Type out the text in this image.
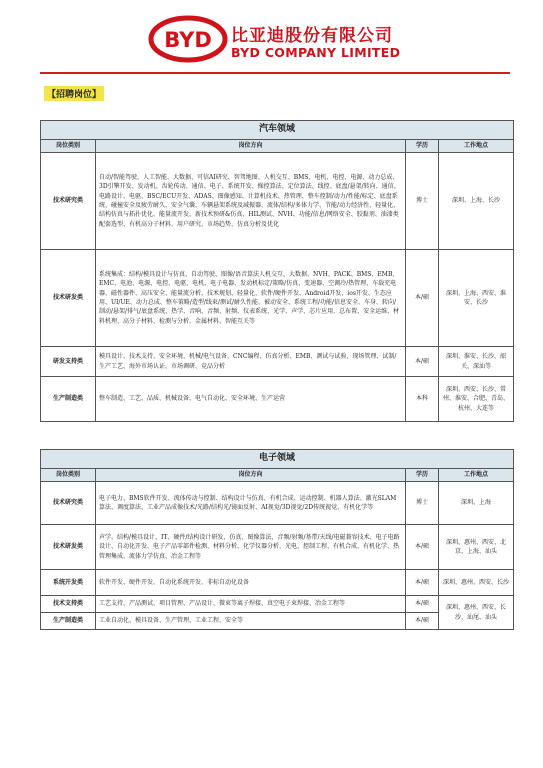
BYD 比亚迪股份有限公司
BYD COMPANY LIMITED
【招聘岗位】
汽车领域			
岗位类别	岗位方向	学历	工作地点
技术研究类	自动/智能驾驶、人工智能、大数据、可信AI研究、智驾地图、人机交互、BMS、电机、电控、电源、动力总成、3D引擎开发、发动机、齿轮传动、通信、电子、系统开发、操控算法、定位算法、线控、底盘/悬架/转向、通信、电路设计、电驱、BSC/ECU开发、ADAS、图像感知、计算机技术、热管理、整车控制/动力/性能/标定、底盘系统、碰撞安全及疲劳耐久、安全气囊、车辆悬架系统及减振器、流体/结构/多体力学、节能/动力经济性、轻量化、结构仿真与拓扑优化、能量流开发、新技术预研&仿真、HIL测试、NVH、功能/信息/网络安全、胶黏剂、油漆类配套选型、有机高分子材料、用户研究、市场趋势、仿真分析及优化	博士	深圳、上海、长沙
技术研发类	系统集成：结构/模具设计与仿真、自动驾驶、图像/语音算法人机交互、大数据、NVH、PACK、BMS、EMB、EMC、电池、电源、电控、电驱、电机、电子电器、发动机标定/策略/仿真、变速器、空调冷/热管理、车载充电器、磁性器件、高压安全、能量流分析、技术规划、轻量化、软件/硬件开发、Android开发、ios开发、生态应用、UI/UE、动力总成、整车策略/造型/线束/测试/耐久性能、被动安全、系统工程/功能/信息安全、车身、转向/制动/悬架/排气/底盘系统、热学、音响、音频、射频、仪表系统、光学、声学、芯片应用、总布置、安全运维、材料机理、高分子材料、检测与分析、金属材料、智能互关等	本/硕	深圳、上海、西安、淮安、长沙
研发支持类	模具设计、技术支持、安全环境、机械/电气设备、CNC编程、仿真分析、EMB、测试与试验、现场管理、试制/生产工艺、海外市场认证、市场调研、竞品分析	本/硕	深圳、淮安、长沙、韶关、深汕等
生产制造类	整车制造、工艺、品质、机械设备、电气自动化、安全环境、生产运营	本科	深圳、西安、长沙、常州、淮安、合肥、青岛、杭州、大连等
电子领域			
岗位类别	岗位方向	学历	工作地点
技术研究类	电子电力、BMS软件开发、流体传动与控制、结构设计与仿真、有机合成、运动控制、机器人算法、激光SLAM算法、调度算法、工业产品成像技术/光路/结构光/镜面反射、AI视觉/3D视觉/2D传统视觉、有机化学等	博士	深圳、上海
技术研发类	声学、结构/模具设计、IT、硬件/结构设计研发、仿真、图像算法、音频/射频/基带/天线/电磁兼容技术、电子电路设计、自动化开发、电子产品零部件检测、材料分析、化学仪器分析、光电、控制工程、有机合成、有机化学、热管理集成、流体力学仿真、冶金工程等	本/硕	深圳、惠州、西安、北京、上海、汕头
系统开发类	软件开发、硬件开发、自动化系统开发、非标自动化设备	本/硕	深圳、惠州、西安、长沙
技术支持类	工艺支持、产品测试、项目管理、产品设计、微束等离子焊接、真空电子束焊接、冶金工程等	本/硕	深圳、惠州、西安、长沙、汕尾、汕头
生产制造类	工业自动化、模具设备、生产管理、工业工程、安全等	本/硕	
